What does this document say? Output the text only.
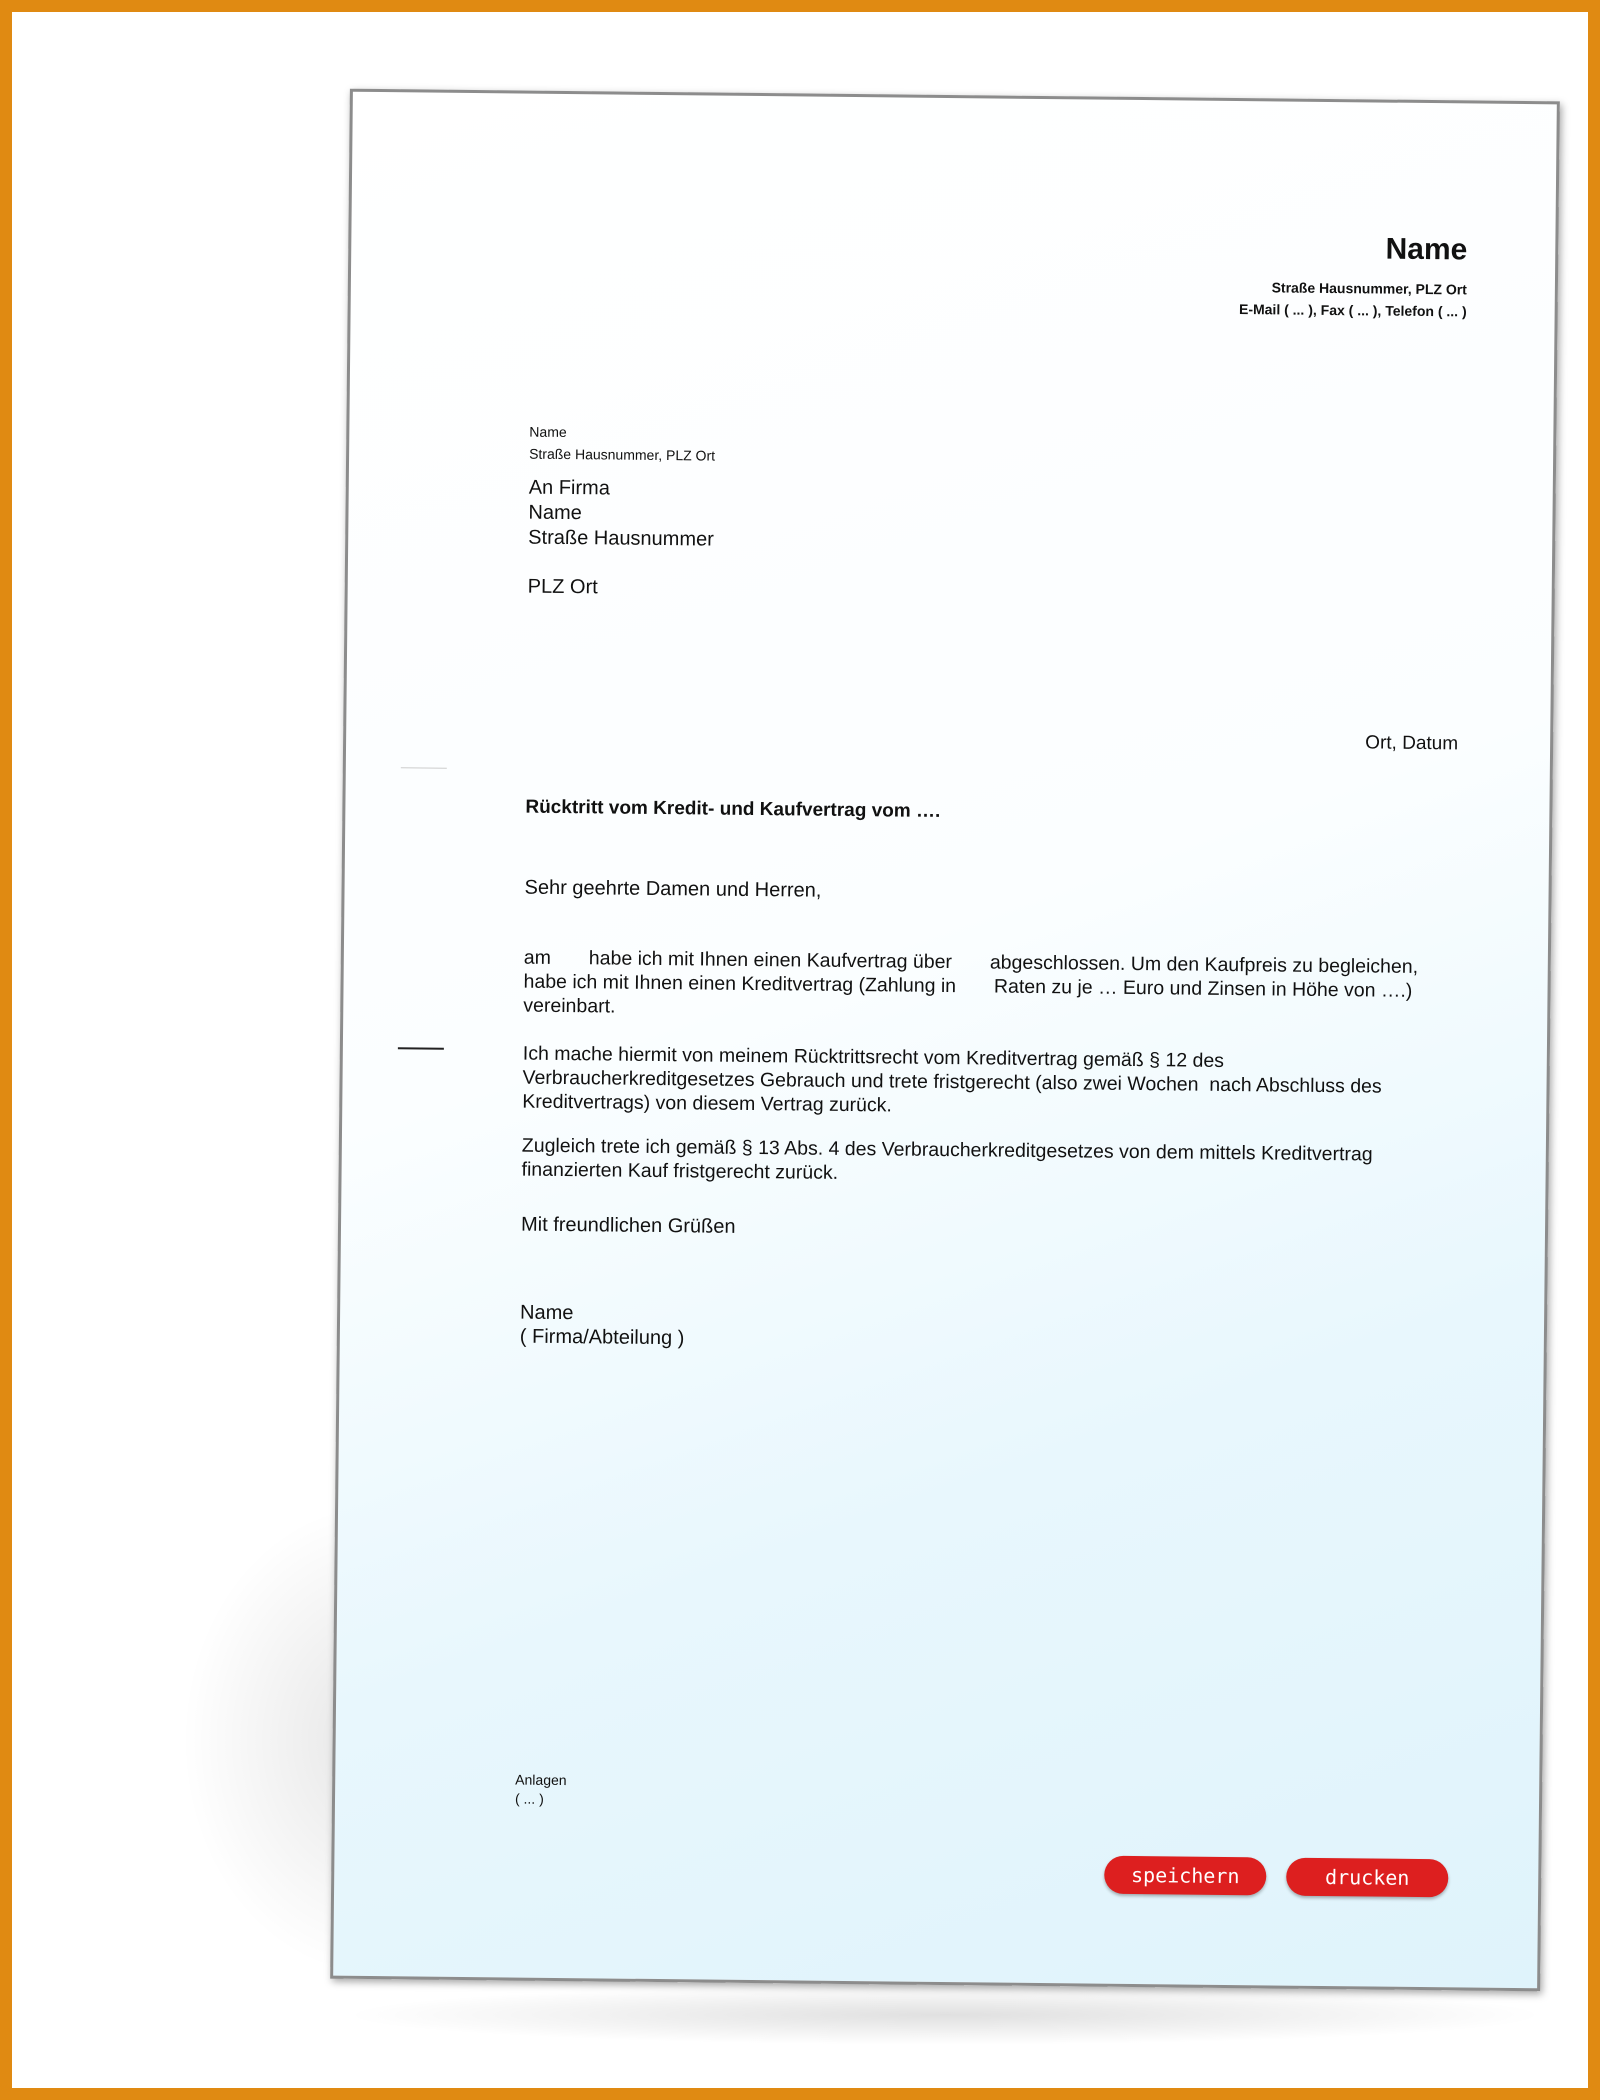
Name
Straße Hausnummer, PLZ Ort
E-Mail ( ... ), Fax ( ... ), Telefon ( ... )
Name
Straße Hausnummer, PLZ Ort
An Firma
Name
Straße Hausnummer
PLZ Ort
Ort, Datum
Rücktritt vom Kredit- und Kaufvertrag vom ….
Sehr geehrte Damen und Herren,
am       habe ich mit Ihnen einen Kaufvertrag über       abgeschlossen. Um den Kaufpreis zu begleichen,
habe ich mit Ihnen einen Kreditvertrag (Zahlung in       Raten zu je … Euro und Zinsen in Höhe von ….)
vereinbart.
Ich mache hiermit von meinem Rücktrittsrecht vom Kreditvertrag gemäß § 12 des
Verbraucherkreditgesetzes Gebrauch und trete fristgerecht (also zwei Wochen  nach Abschluss des
Kreditvertrags) von diesem Vertrag zurück.
Zugleich trete ich gemäß § 13 Abs. 4 des Verbraucherkreditgesetzes von dem mittels Kreditvertrag
finanzierten Kauf fristgerecht zurück.
Mit freundlichen Grüßen
Name
( Firma/Abteilung )
Anlagen
( ... )
speichern	drucken
